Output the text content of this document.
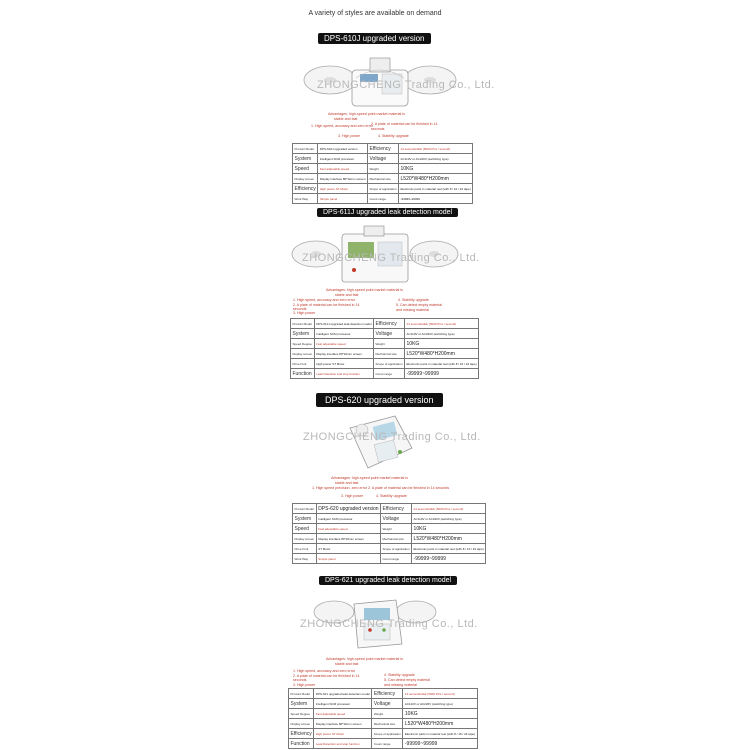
A variety of styles are available on demand
DPS-610J upgraded version
ZHONGCHENG Trading Co., Ltd.
Advantages: high-speed point market material is
stable and fast
2. A plate of material can be finished in 14
seconds
1. High speed, accuracy and zero error
3. High power	4. Stability upgrade
Product Model	DPS-610J upgraded version	Efficiency	14 seconds/disk (5000 PCs / second)
System	Intelligent SCM processor	Voltage	AC110V or AC220V (switching type)
Speed	Fast adjustable speed	Weight	10KG
Display screen	Display interface 80*32mm screen	Mechanical size	L520*W480*H200mm
Efficiency	High power ST Motor	Scope of application	Electronic parts in material reel (with 8 / 16 / 24 tape)
Work Way	Simple panel	Count range	-99999~99999
DPS-611J upgraded leak detection model
ZHONGCHENG Trading Co., Ltd.
Advantages: high-speed point market material is
stable and fast
1. High speed, accuracy and zero error
2. A plate of material can be finished in 14
seconds
3. High power
4. Stability upgrade
5. Can detect empty material
and missing material
Product Model	DPS-611J upgraded leak detection model	Efficiency	14 seconds/disk (5000 PCs / second)
System	Intelligent SCM processor	Voltage	AC110V or AC220V (switching type)
Speed Degree	Fast adjustable speed	Weight	10KG
Display screen	Display interface 80*32mm screen	Mechanical size	L520*W480*H200mm
Drive Fruit	High power ST Motor	Scope of application	Electronic parts in material reel (with 8 / 16 / 24 tape)
Function	Leak Detection and stop function	Count range	-99999~99999
DPS-620 upgraded version
ZHONGCHENG Trading Co., Ltd.
Advantages: high-speed point market material is
stable and fast
1. High speed precision, zero error 2. A plate of material can be finished in 14 seconds
3. High power	4. Stability upgrade
Product Model	DPS-620 upgraded version	Efficiency	14 seconds/disk (5000 PCs / second)
System	Intelligent SCM processor	Voltage	AC110V or AC220V (switching type)
Speed	Fast adjustable speed	Weight	10KG
Display screen	Display interface 80*32mm screen	Mechanical size	L520*W480*H200mm
Drive Fruit	ST Motor	Scope of application	Electronic parts in material reel (with 8 / 16 / 24 tape)
Work Way	Simple panel	Count range	-99999~99999
DPS-621 upgraded leak detection model
ZHONGCHENG Trading Co., Ltd.
Advantages: high-speed point market material is
stable and fast
1. High speed, accuracy and zero error
2. A plate of material can be finished in 14
seconds
3. High power
4. Stability upgrade
5. Can detect empty material
and missing material
Product Model	DPS-621 upgraded leak detection model	Efficiency	14 seconds/disk (5000 PCs / second)
System	Intelligent SCM processor	Voltage	AC110V or AC220V (switching type)
Speed Degree	Fast adjustable speed	Weight	10KG
Display screen	Display interface 80*32mm screen	Mechanical size	L520*W480*H200mm
Efficiency	High power ST Motor	Scope of application	Electronic parts in material reel (with 8 / 16 / 24 tape)
Function	Leak Detection and stop function	Count range	-99999~99999
